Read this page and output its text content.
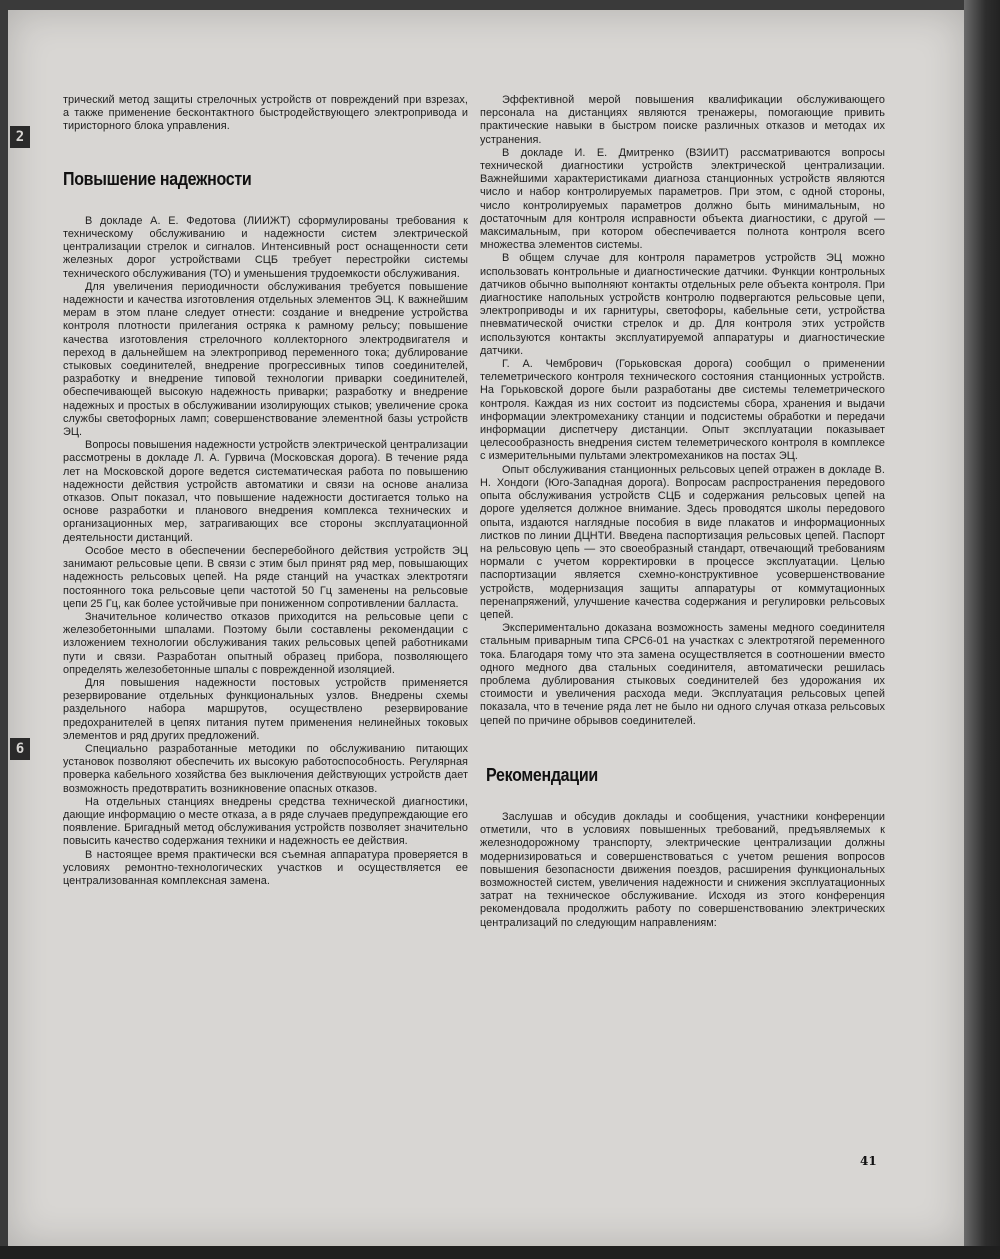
2
6

трический метод защиты стрелочных устройств от повреждений при взрезах, а также применение бесконтактного быстродействующего электропривода и тиристорного блока управления.

Повышение надежности

В докладе А. Е. Федотова (ЛИИЖТ) сформулированы требования к техническому обслуживанию и надежности систем электрической централизации стрелок и сигналов. Интенсивный рост оснащенности сети железных дорог устройствами СЦБ требует перестройки системы технического обслуживания (ТО) и уменьшения трудоемкости обслуживания.

Для увеличения периодичности обслуживания требуется повышение надежности и качества изготовления отдельных элементов ЭЦ. К важнейшим мерам в этом плане следует отнести: создание и внедрение устройства контроля плотности прилегания остряка к рамному рельсу; повышение качества изготовления стрелочного коллекторного электродвигателя и переход в дальнейшем на электропривод переменного тока; дублирование стыковых соединителей, внедрение прогрессивных типов соединителей, разработку и внедрение типовой технологии приварки соединителей, обеспечивающей высокую надежность приварки; разработку и внедрение надежных и простых в обслуживании изолирующих стыков; увеличение срока службы светофорных ламп; совершенствование элементной базы устройств ЭЦ.

Вопросы повышения надежности устройств электрической централизации рассмотрены в докладе Л. А. Гурвича (Московская дорога). В течение ряда лет на Московской дороге ведется систематическая работа по повышению надежности действия устройств автоматики и связи на основе анализа отказов. Опыт показал, что повышение надежности достигается только на основе разработки и планового внедрения комплекса технических и организационных мер, затрагивающих все стороны эксплуатационной деятельности дистанций.

Особое место в обеспечении бесперебойного действия устройств ЭЦ занимают рельсовые цепи. В связи с этим был принят ряд мер, повышающих надежность рельсовых цепей. На ряде станций на участках электротяги постоянного тока рельсовые цепи частотой 50 Гц заменены на рельсовые цепи 25 Гц, как более устойчивые при пониженном сопротивлении балласта.

Значительное количество отказов приходится на рельсовые цепи с железобетонными шпалами. Поэтому были составлены рекомендации с изложением технологии обслуживания таких рельсовых цепей работниками пути и связи. Разработан опытный образец прибора, позволяющего определять железобетонные шпалы с поврежденной изоляцией.

Для повышения надежности постовых устройств применяется резервирование отдельных функциональных узлов. Внедрены схемы раздельного набора маршрутов, осуществлено резервирование предохранителей в цепях питания путем применения нелинейных токовых элементов и ряд других предложений.

Специально разработанные методики по обслуживанию питающих установок позволяют обеспечить их высокую работоспособность. Регулярная проверка кабельного хозяйства без выключения действующих устройств дает возможность предотвратить возникновение опасных отказов.

На отдельных станциях внедрены средства технической диагностики, дающие информацию о месте отказа, а в ряде случаев предупреждающие его появление. Бригадный метод обслуживания устройств позволяет значительно повысить качество содержания техники и надежность ее действия.

В настоящее время практически вся съемная аппаратура проверяется в условиях ремонтно-технологических участков и осуществляется ее централизованная комплексная замена.

Эффективной мерой повышения квалификации обслуживающего персонала на дистанциях являются тренажеры, помогающие привить практические навыки в быстром поиске различных отказов и методах их устранения.

В докладе И. Е. Дмитренко (ВЗИИТ) рассматриваются вопросы технической диагностики устройств электрической централизации. Важнейшими характеристиками диагноза станционных устройств являются число и набор контролируемых параметров. При этом, с одной стороны, число контролируемых параметров должно быть минимальным, но достаточным для контроля исправности объекта диагностики, с другой — максимальным, при котором обеспечивается полнота контроля всего множества элементов системы.

В общем случае для контроля параметров устройств ЭЦ можно использовать контрольные и диагностические датчики. Функции контрольных датчиков обычно выполняют контакты отдельных реле объекта контроля. При диагностике напольных устройств контролю подвергаются рельсовые цепи, электроприводы и их гарнитуры, светофоры, кабельные сети, устройства пневматической очистки стрелок и др. Для контроля этих устройств используются контакты эксплуатируемой аппаратуры и диагностические датчики.

Г. А. Чембрович (Горьковская дорога) сообщил о применении телеметрического контроля технического состояния станционных устройств. На Горьковской дороге были разработаны две системы телеметрического контроля. Каждая из них состоит из подсистемы сбора, хранения и выдачи информации электромеханику станции и подсистемы обработки и передачи информации диспетчеру дистанции. Опыт эксплуатации показывает целесообразность внедрения систем телеметрического контроля в комплексе с измерительными пультами электромехаников на постах ЭЦ.

Опыт обслуживания станционных рельсовых цепей отражен в докладе В. Н. Хондоги (Юго-Западная дорога). Вопросам распространения передового опыта обслуживания устройств СЦБ и содержания рельсовых цепей на дороге уделяется должное внимание. Здесь проводятся школы передового опыта, издаются наглядные пособия в виде плакатов и информационных листков по линии ДЦНТИ. Введена паспортизация рельсовых цепей. Паспорт на рельсовую цепь — это своеобразный стандарт, отвечающий требованиям нормали с учетом корректировки в процессе эксплуатации. Целью паспортизации является схемно-конструктивное усовершенствование устройств, модернизация защиты аппаратуры от коммутационных перенапряжений, улучшение качества содержания и регулировки рельсовых цепей.

Экспериментально доказана возможность замены медного соединителя стальным приварным типа СРС6-01 на участках с электротягой переменного тока. Благодаря тому что эта замена осуществляется в соотношении вместо одного медного два стальных соединителя, автоматически решилась проблема дублирования стыковых соединителей без удорожания их стоимости и увеличения расхода меди. Эксплуатация рельсовых цепей показала, что в течение ряда лет не было ни одного случая отказа рельсовых цепей по причине обрывов соединителей.

Рекомендации

Заслушав и обсудив доклады и сообщения, участники конференции отметили, что в условиях повышенных требований, предъявляемых к железнодорожному транспорту, электрические централизации должны модернизироваться и совершенствоваться с учетом решения вопросов повышения безопасности движения поездов, расширения функциональных возможностей систем, увеличения надежности и снижения эксплуатационных затрат на техническое обслуживание. Исходя из этого конференция рекомендовала продолжить работу по совершенствованию электрических централизаций по следующим направлениям:

41
